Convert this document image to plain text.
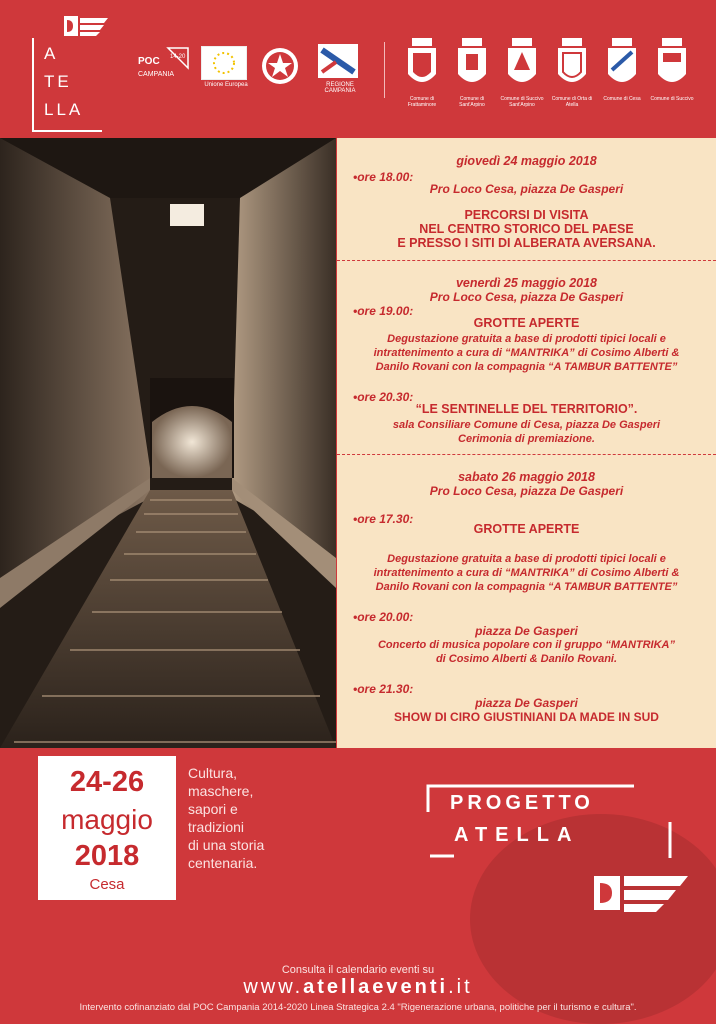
A
TE
LLA
POC
CAMPANIA
14-20
Unione Europea	REGIONE CAMPANIA
Comune di Frattaminore
Comune di Sant'Arpino
Comune di Succivo Sant'Arpino
Comune di Orta di Atella
Comune di Cesa	Comune di Succivo
giovedì 24 maggio 2018
•ore 18.00:
Pro Loco Cesa, piazza De Gasperi
PERCORSI DI VISITA
NEL CENTRO STORICO DEL PAESE
E PRESSO I SITI DI ALBERATA AVERSANA.
venerdì 25 maggio 2018
Pro Loco Cesa, piazza De Gasperi
•ore 19.00:
GROTTE APERTE
Degustazione gratuita a base di prodotti tipici locali e
intrattenimento a cura di “MANTRIKA” di Cosimo Alberti &
Danilo Rovani con la compagnia “A TAMBUR BATTENTE”
•ore 20.30:
“LE SENTINELLE DEL TERRITORIO”.
sala Consiliare Comune di Cesa, piazza De Gasperi
Cerimonia di premiazione.
sabato 26 maggio 2018
Pro Loco Cesa, piazza De Gasperi
•ore 17.30:
GROTTE APERTE
Degustazione gratuita a base di prodotti tipici locali e
intrattenimento a cura di “MANTRIKA” di Cosimo Alberti &
Danilo Rovani con la compagnia “A TAMBUR BATTENTE”
•ore 20.00:
piazza De Gasperi
Concerto di musica popolare con il gruppo “MANTRIKA”
di Cosimo Alberti & Danilo Rovani.
•ore 21.30:
piazza De Gasperi
SHOW DI CIRO GIUSTINIANI DA MADE IN SUD
24-26
maggio
2018
Cesa
Cultura,
maschere,
sapori e
tradizioni
di una storia
centenaria.
PROGETTO
ATELLA
Consulta il calendario eventi su
www.atellaeventi.it
Intervento cofinanziato dal POC Campania 2014-2020 Linea Strategica 2.4 "Rigenerazione urbana, politiche per il turismo e cultura".
